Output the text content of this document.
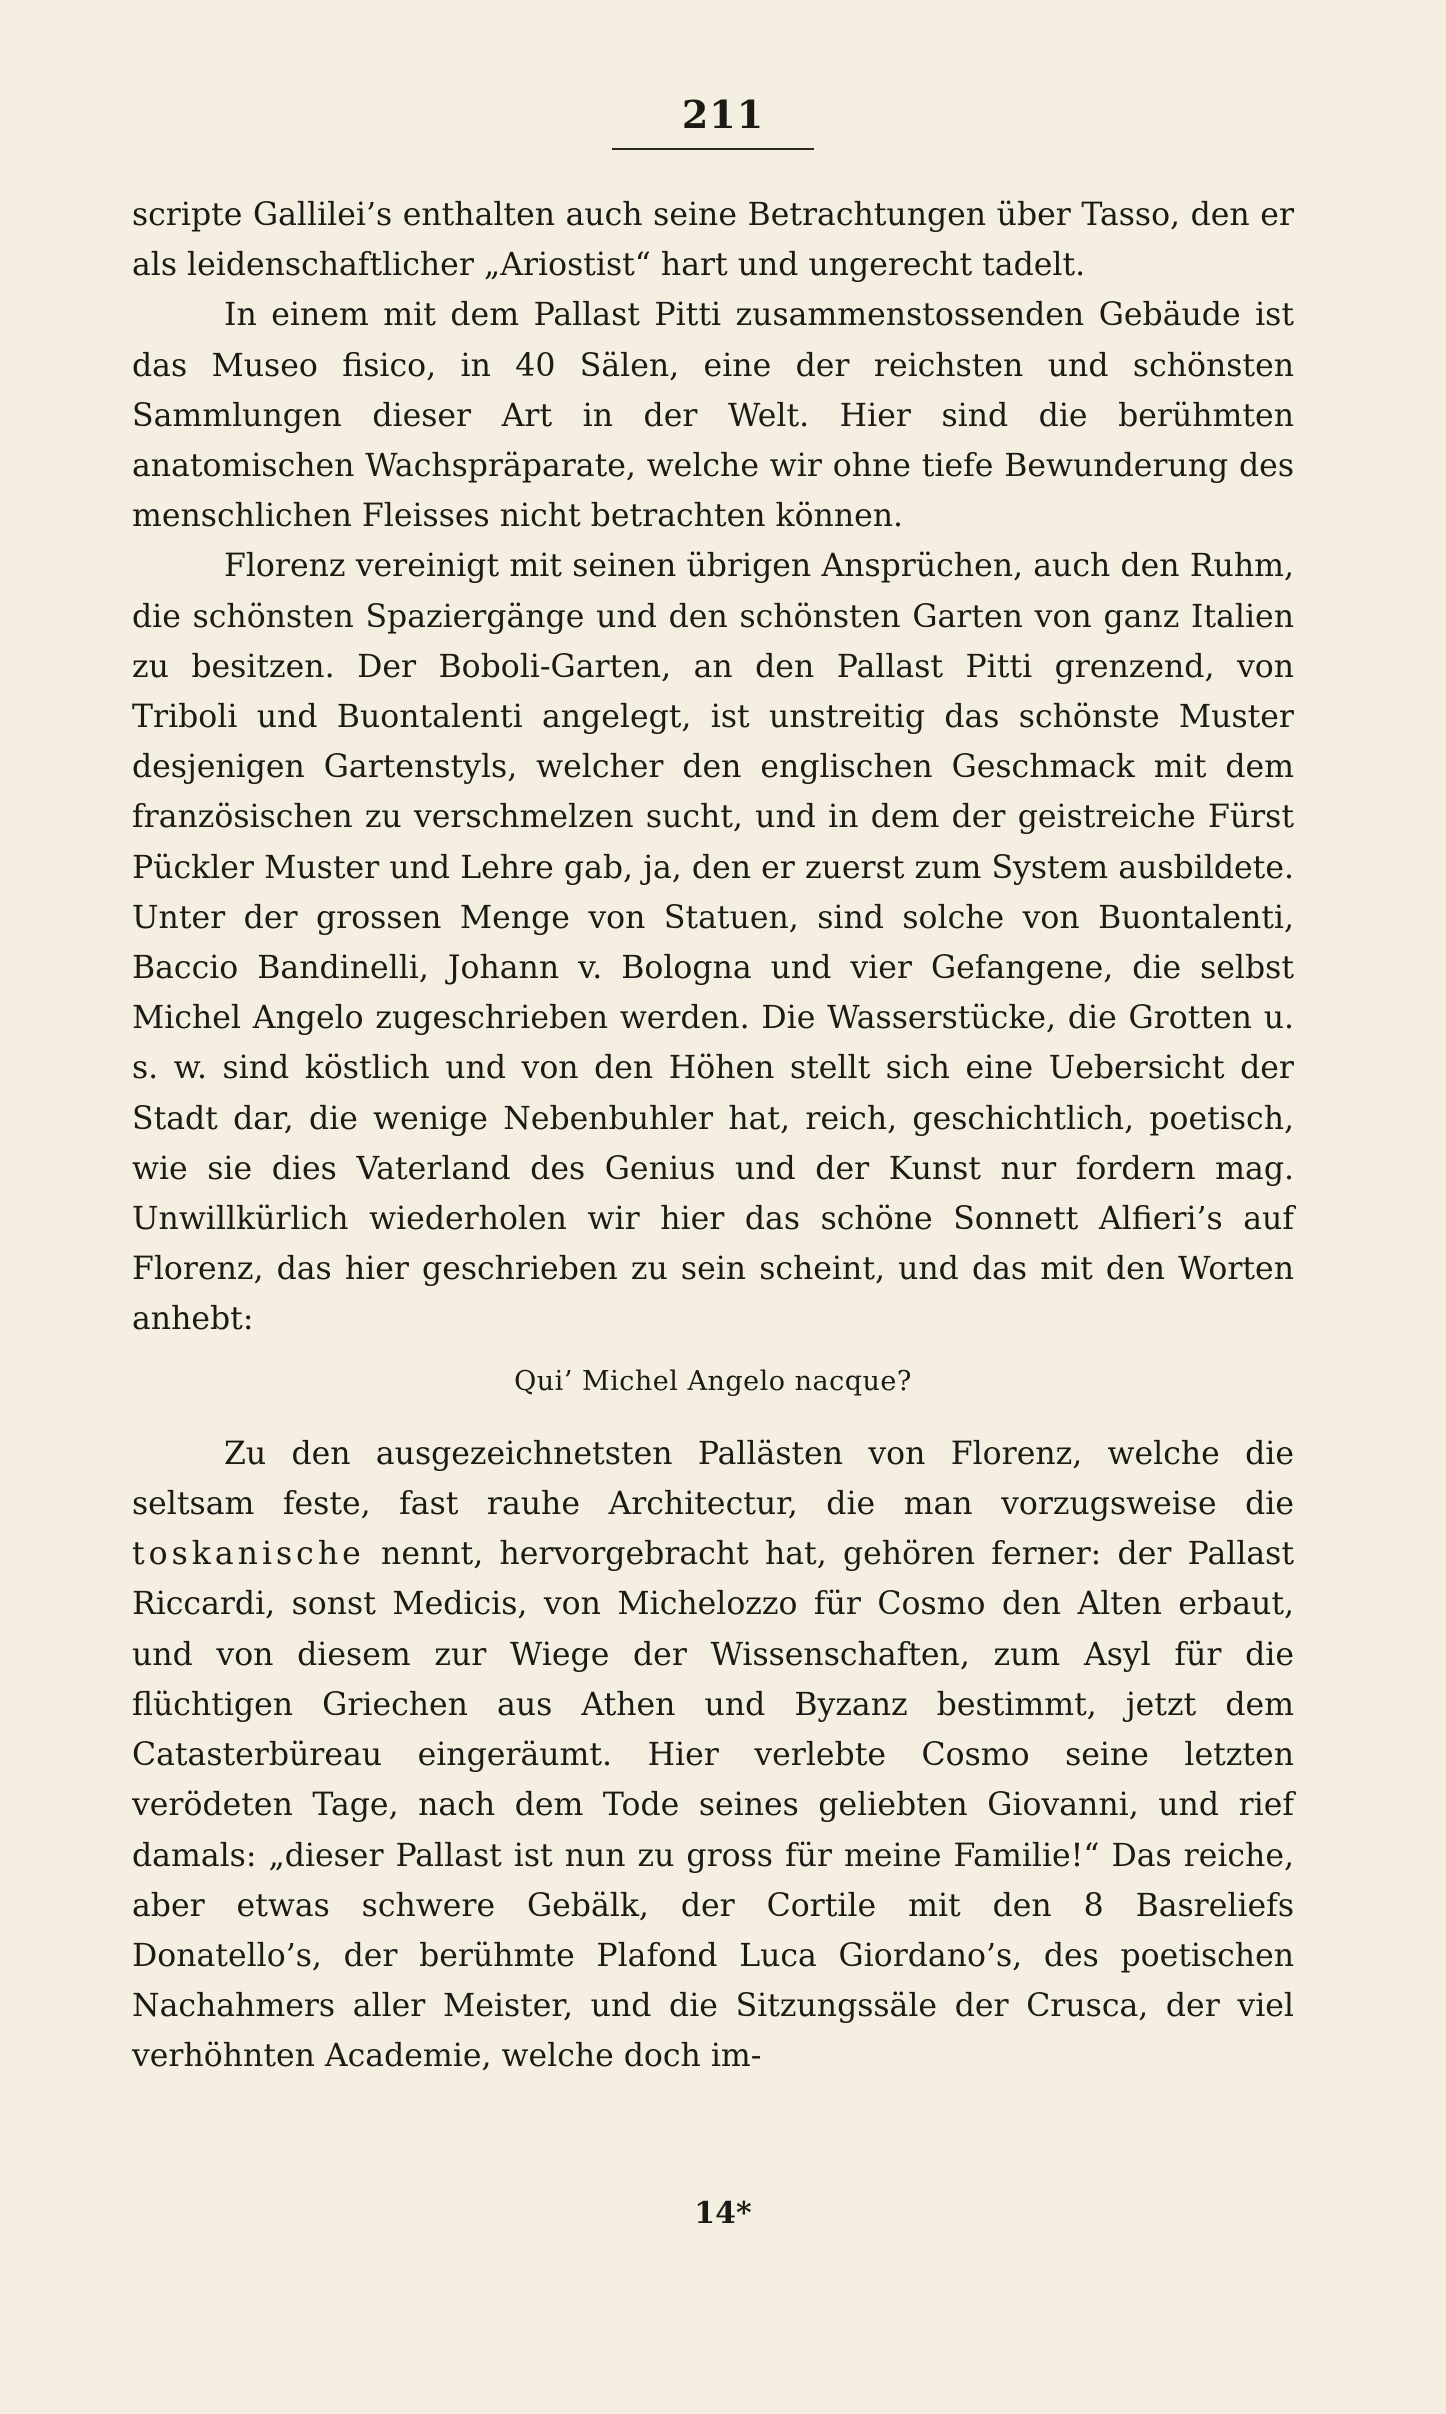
211

scripte Gallilei’s enthalten auch seine Betrachtungen über Tasso, den er als leidenschaftlicher „Ariostist“ hart und ungerecht tadelt.

In einem mit dem Pallast Pitti zusammenstossenden Gebäude ist das Museo fisico, in 40 Sälen, eine der reichsten und schönsten Sammlungen dieser Art in der Welt. Hier sind die berühmten anatomischen Wachspräparate, welche wir ohne tiefe Bewunderung des menschlichen Fleisses nicht betrachten können.

Florenz vereinigt mit seinen übrigen Ansprüchen, auch den Ruhm, die schönsten Spaziergänge und den schönsten Garten von ganz Italien zu besitzen. Der Boboli-Garten, an den Pallast Pitti grenzend, von Triboli und Buontalenti angelegt, ist unstreitig das schönste Muster desjenigen Gartenstyls, welcher den englischen Geschmack mit dem französischen zu verschmelzen sucht, und in dem der geistreiche Fürst Pückler Muster und Lehre gab, ja, den er zuerst zum System ausbildete. Unter der grossen Menge von Statuen, sind solche von Buontalenti, Baccio Bandinelli, Johann v. Bologna und vier Gefangene, die selbst Michel Angelo zugeschrieben werden. Die Wasserstücke, die Grotten u. s. w. sind köstlich und von den Höhen stellt sich eine Uebersicht der Stadt dar, die wenige Nebenbuhler hat, reich, geschichtlich, poetisch, wie sie dies Vaterland des Genius und der Kunst nur fordern mag. Unwillkürlich wiederholen wir hier das schöne Sonnett Alfieri’s auf Florenz, das hier geschrieben zu sein scheint, und das mit den Worten anhebt:

Qui’ Michel Angelo nacque?

Zu den ausgezeichnetsten Pallästen von Florenz, welche die seltsam feste, fast rauhe Architectur, die man vorzugsweise die toskanische nennt, hervorgebracht hat, gehören ferner: der Pallast Riccardi, sonst Medicis, von Michelozzo für Cosmo den Alten erbaut, und von diesem zur Wiege der Wissenschaften, zum Asyl für die flüchtigen Griechen aus Athen und Byzanz bestimmt, jetzt dem Catasterbüreau eingeräumt. Hier verlebte Cosmo seine letzten verödeten Tage, nach dem Tode seines geliebten Giovanni, und rief damals: „dieser Pallast ist nun zu gross für meine Familie!“ Das reiche, aber etwas schwere Gebälk, der Cortile mit den 8 Basreliefs Donatello’s, der berühmte Plafond Luca Giordano’s, des poetischen Nachahmers aller Meister, und die Sitzungssäle der Crusca, der viel verhöhnten Academie, welche doch im-

14*
